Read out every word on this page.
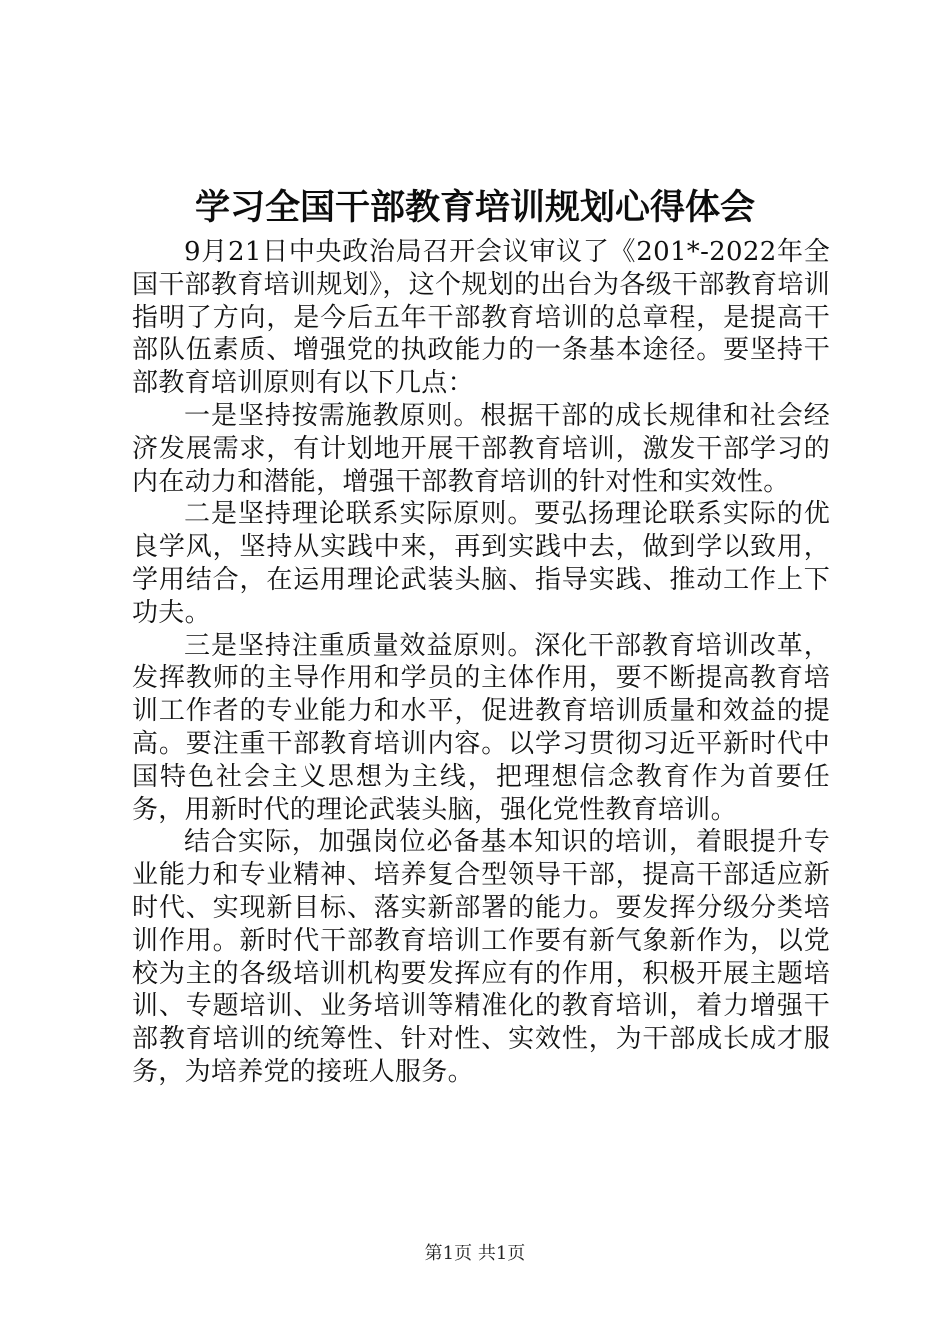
学习全国干部教育培训规划心得体会

9月21日中央政治局召开会议审议了《201*-2022年全国干部教育培训规划》，这个规划的出台为各级干部教育培训指明了方向，是今后五年干部教育培训的总章程，是提高干部队伍素质、增强党的执政能力的一条基本途径。要坚持干部教育培训原则有以下几点：

一是坚持按需施教原则。根据干部的成长规律和社会经济发展需求，有计划地开展干部教育培训，激发干部学习的内在动力和潜能，增强干部教育培训的针对性和实效性。

二是坚持理论联系实际原则。要弘扬理论联系实际的优良学风，坚持从实践中来，再到实践中去，做到学以致用，学用结合，在运用理论武装头脑、指导实践、推动工作上下功夫。

三是坚持注重质量效益原则。深化干部教育培训改革，发挥教师的主导作用和学员的主体作用，要不断提高教育培训工作者的专业能力和水平，促进教育培训质量和效益的提高。要注重干部教育培训内容。以学习贯彻习近平新时代中国特色社会主义思想为主线，把理想信念教育作为首要任务，用新时代的理论武装头脑，强化党性教育培训。

结合实际，加强岗位必备基本知识的培训，着眼提升专业能力和专业精神、培养复合型领导干部，提高干部适应新时代、实现新目标、落实新部署的能力。要发挥分级分类培训作用。新时代干部教育培训工作要有新气象新作为，以党校为主的各级培训机构要发挥应有的作用，积极开展主题培训、专题培训、业务培训等精准化的教育培训，着力增强干部教育培训的统筹性、针对性、实效性，为干部成长成才服务，为培养党的接班人服务。

第1页 共1页
